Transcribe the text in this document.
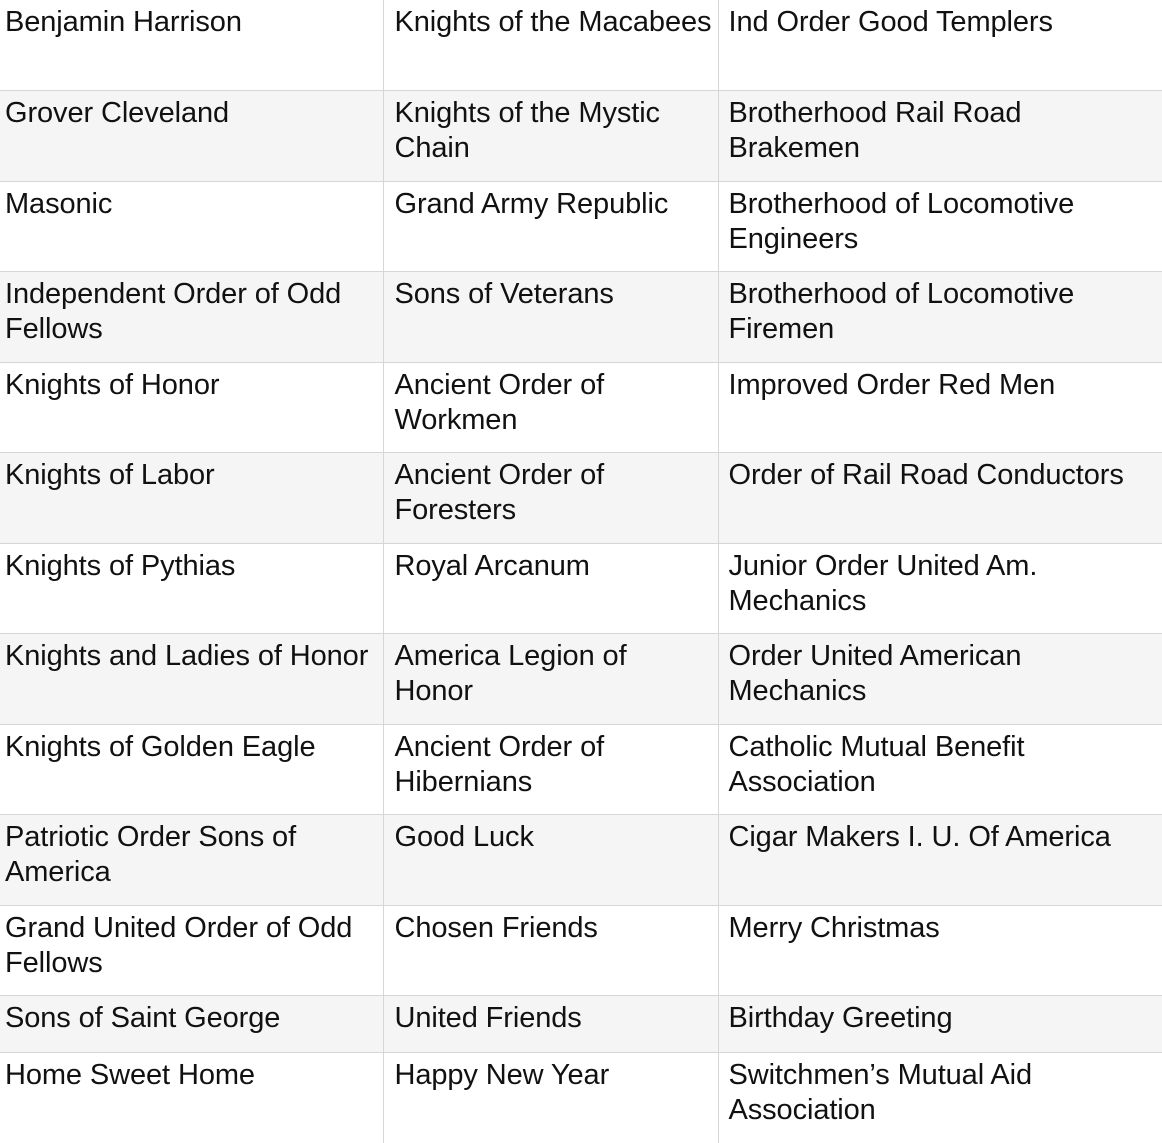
Benjamin Harrison	Knights of the Macabees	Ind Order Good Templers
Grover Cleveland	Knights of the Mystic Chain	Brotherhood Rail Road Brakemen
Masonic	Grand Army Republic	Brotherhood of Locomotive Engineers
Independent Order of Odd Fellows	Sons of Veterans	Brotherhood of Locomotive Firemen
Knights of Honor	Ancient Order of Workmen	Improved Order Red Men
Knights of Labor	Ancient Order of Foresters	Order of Rail Road Conductors
Knights of Pythias	Royal Arcanum	Junior Order United Am. Mechanics
Knights and Ladies of Honor	America Legion of Honor	Order United American Mechanics
Knights of Golden Eagle	Ancient Order of Hibernians	Catholic Mutual Benefit Association
Patriotic Order Sons of America	Good Luck	Cigar Makers I. U. Of America
Grand United Order of Odd Fellows	Chosen Friends	Merry Christmas
Sons of Saint George	United Friends	Birthday Greeting
Home Sweet Home	Happy New Year	Switchmen’s Mutual Aid Association
